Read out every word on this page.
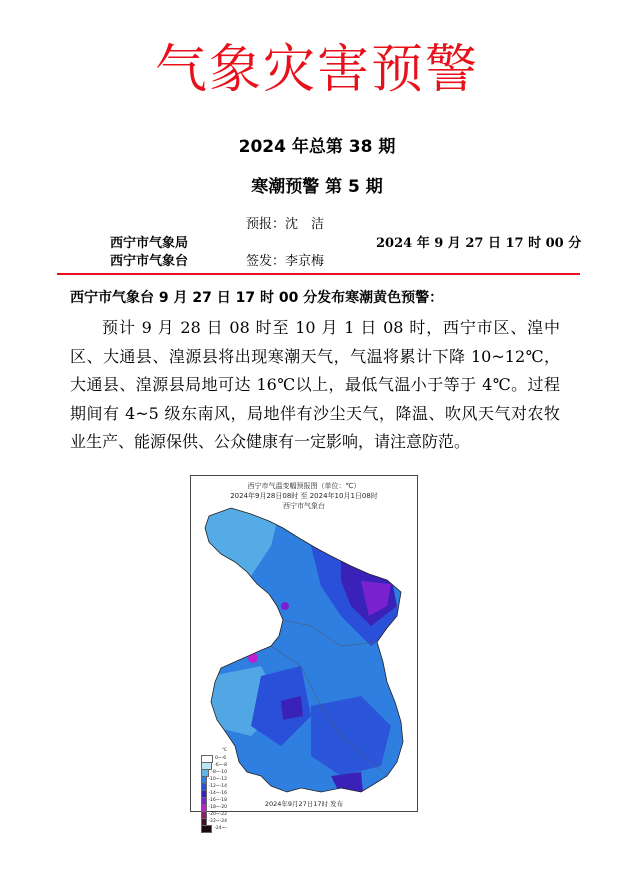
气象灾害预警
2024 年总第 38 期
寒潮预警 第 5 期
预报：沈　洁
西宁市气象局	2024 年 9 月 27 日 17 时 00 分
西宁市气象台	签发：李京梅
西宁市气象台 9 月 27 日 17 时 00 分发布寒潮黄色预警：

预计 9 月 28 日 08 时至 10 月 1 日 08 时，西宁市区、湟中区、大通县、湟源县将出现寒潮天气，气温将累计下降 10~12℃，大通县、湟源县局地可达 16℃以上，最低气温小于等于 4℃。过程期间有 4~5 级东南风，局地伴有沙尘天气，降温、吹风天气对农牧业生产、能源保供、公众健康有一定影响，请注意防范。

西宁市气温变幅预报图（单位：℃）
2024年9月28日08时 至 2024年10月1日08时
西宁市气象台
℃
0~-6
-6~-8
-8~-10
-10~-12
-12~-14
-14~-16
-16~-18
-18~-20
-20~-22
-22~-24
-24~-
2024年9月27日17时 发布
